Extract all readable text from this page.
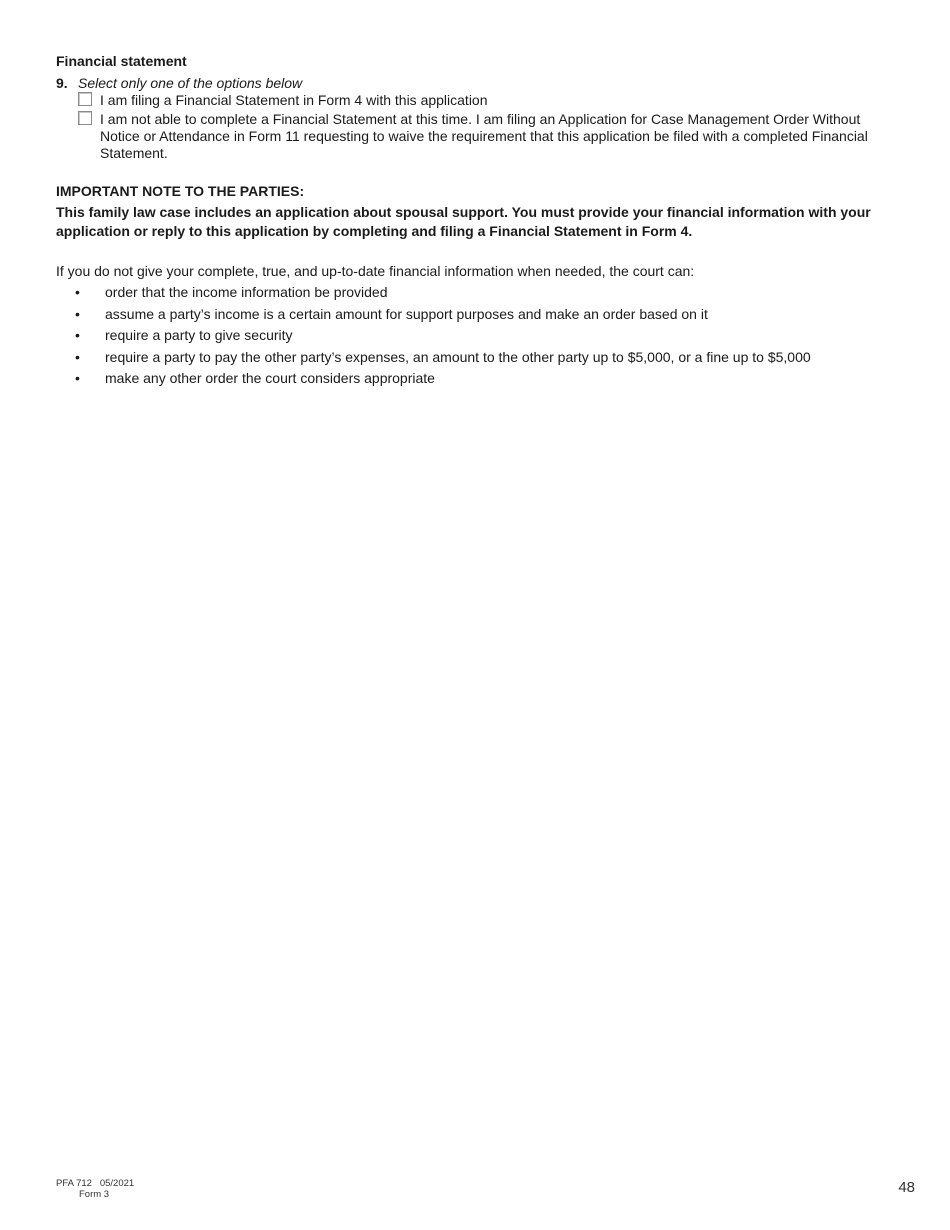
Financial statement
9. Select only one of the options below
I am filing a Financial Statement in Form 4 with this application
I am not able to complete a Financial Statement at this time. I am filing an Application for Case Management Order Without Notice or Attendance in Form 11 requesting to waive the requirement that this application be filed with a completed Financial Statement.
IMPORTANT NOTE TO THE PARTIES:
This family law case includes an application about spousal support. You must provide your financial information with your application or reply to this application by completing and filing a Financial Statement in Form 4.
If you do not give your complete, true, and up-to-date financial information when needed, the court can:
•	order that the income information be provided
•	assume a party’s income is a certain amount for support purposes and make an order based on it
•	require a party to give security
•	require a party to pay the other party’s expenses, an amount to the other party up to $5,000, or a fine up to $5,000
•	make any other order the court considers appropriate
PFA 712   05/2021
Form 3	48
